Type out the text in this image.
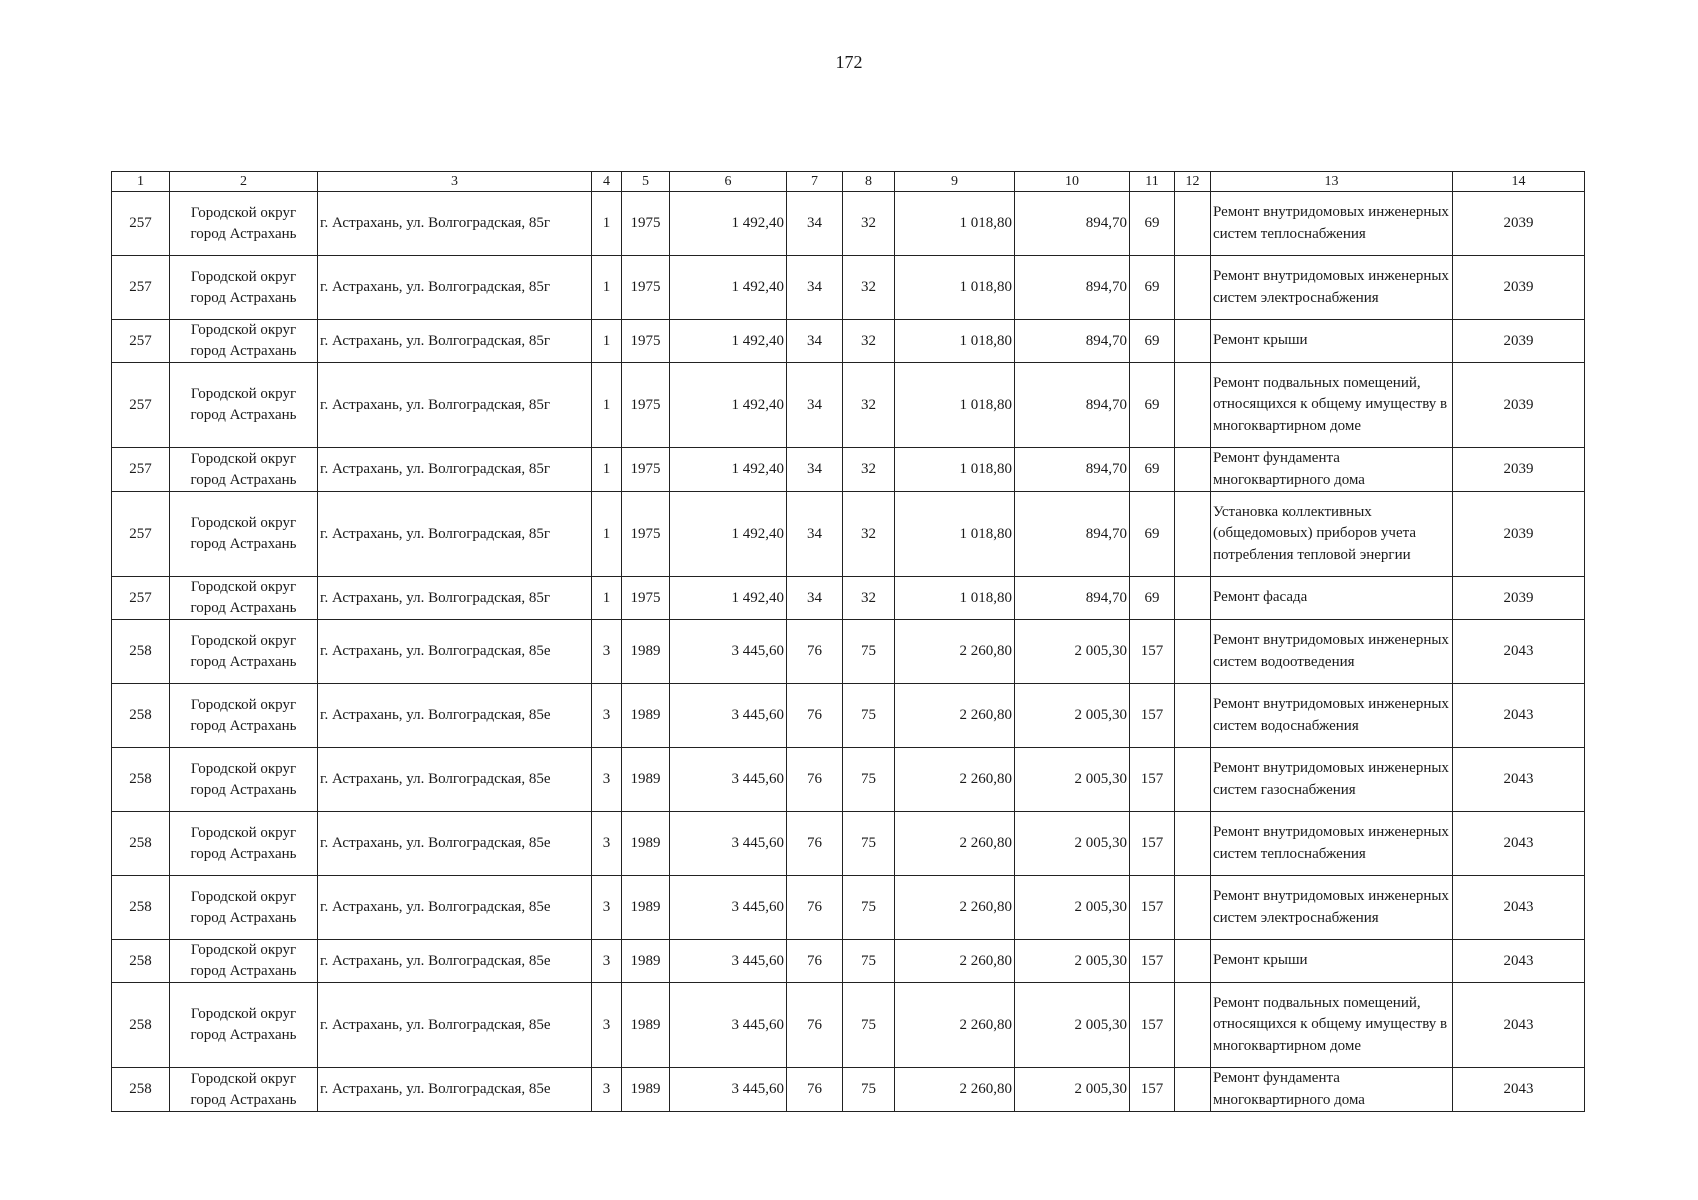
172
1	2	3	4	5	6	7	8	9	10	11	12	13	14
257	Городской округ город Астрахань	г. Астрахань, ул. Волгоградская, 85г	1	1975	1 492,40	34	32	1 018,80	894,70	69		Ремонт внутридомовых инженерных систем теплоснабжения	2039
257	Городской округ город Астрахань	г. Астрахань, ул. Волгоградская, 85г	1	1975	1 492,40	34	32	1 018,80	894,70	69		Ремонт внутридомовых инженерных систем электроснабжения	2039
257	Городской округ город Астрахань	г. Астрахань, ул. Волгоградская, 85г	1	1975	1 492,40	34	32	1 018,80	894,70	69		Ремонт крыши	2039
257	Городской округ город Астрахань	г. Астрахань, ул. Волгоградская, 85г	1	1975	1 492,40	34	32	1 018,80	894,70	69		Ремонт подвальных помещений, относящихся к общему имуществу в многоквартирном доме	2039
257	Городской округ город Астрахань	г. Астрахань, ул. Волгоградская, 85г	1	1975	1 492,40	34	32	1 018,80	894,70	69		Ремонт фундамента многоквартирного дома	2039
257	Городской округ город Астрахань	г. Астрахань, ул. Волгоградская, 85г	1	1975	1 492,40	34	32	1 018,80	894,70	69		Установка коллективных (общедомовых) приборов учета потребления тепловой энергии	2039
257	Городской округ город Астрахань	г. Астрахань, ул. Волгоградская, 85г	1	1975	1 492,40	34	32	1 018,80	894,70	69		Ремонт фасада	2039
258	Городской округ город Астрахань	г. Астрахань, ул. Волгоградская, 85е	3	1989	3 445,60	76	75	2 260,80	2 005,30	157		Ремонт внутридомовых инженерных систем водоотведения	2043
258	Городской округ город Астрахань	г. Астрахань, ул. Волгоградская, 85е	3	1989	3 445,60	76	75	2 260,80	2 005,30	157		Ремонт внутридомовых инженерных систем водоснабжения	2043
258	Городской округ город Астрахань	г. Астрахань, ул. Волгоградская, 85е	3	1989	3 445,60	76	75	2 260,80	2 005,30	157		Ремонт внутридомовых инженерных систем газоснабжения	2043
258	Городской округ город Астрахань	г. Астрахань, ул. Волгоградская, 85е	3	1989	3 445,60	76	75	2 260,80	2 005,30	157		Ремонт внутридомовых инженерных систем теплоснабжения	2043
258	Городской округ город Астрахань	г. Астрахань, ул. Волгоградская, 85е	3	1989	3 445,60	76	75	2 260,80	2 005,30	157		Ремонт внутридомовых инженерных систем электроснабжения	2043
258	Городской округ город Астрахань	г. Астрахань, ул. Волгоградская, 85е	3	1989	3 445,60	76	75	2 260,80	2 005,30	157		Ремонт крыши	2043
258	Городской округ город Астрахань	г. Астрахань, ул. Волгоградская, 85е	3	1989	3 445,60	76	75	2 260,80	2 005,30	157		Ремонт подвальных помещений, относящихся к общему имуществу в многоквартирном доме	2043
258	Городской округ город Астрахань	г. Астрахань, ул. Волгоградская, 85е	3	1989	3 445,60	76	75	2 260,80	2 005,30	157		Ремонт фундамента многоквартирного дома	2043
